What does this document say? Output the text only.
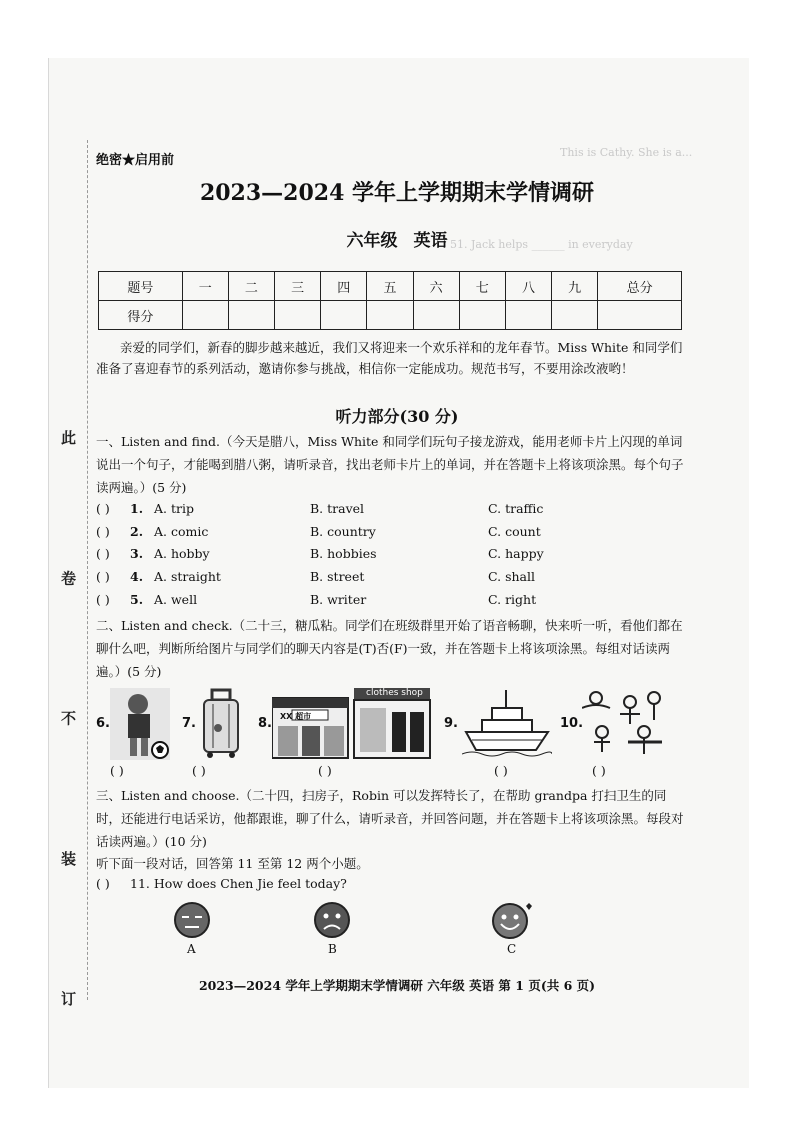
This is Cathy. She is a...
51. Jack helps ______ in everyday
此 卷 不 装 订
绝密★启用前
2023—2024 学年上学期期末学情调研
六年级 英语
题号	一	二	三	四	五	六	七	八	九	总分
得分										
亲爱的同学们，新春的脚步越来越近，我们又将迎来一个欢乐祥和的龙年春节。Miss White 和同学们准备了喜迎春节的系列活动，邀请你参与挑战，相信你一定能成功。规范书写，不要用涂改液哟！
听力部分(30 分)
一、Listen and find.（今天是腊八，Miss White 和同学们玩句子接龙游戏，能用老师卡片上闪现的单词说出一个句子，才能喝到腊八粥，请听录音，找出老师卡片上的单词，并在答题卡上将该项涂黑。每个句子读两遍。）(5 分)
( ) 1. A. trip	B. travel	C. traffic
( ) 2. A. comic	B. country	C. count
( ) 3. A. hobby	B. hobbies	C. happy
( ) 4. A. straight	B. street	C. shall
( ) 5. A. well	B. writer	C. right
二、Listen and check.（二十三，糖瓜粘。同学们在班级群里开始了语音畅聊，快来听一听，看他们都在聊什么吧，判断所给图片与同学们的聊天内容是(T)否(F)一致，并在答题卡上将该项涂黑。每组对话读两遍。）(5 分)
6.
( )
7.
( )
8. XX 超市
clothes shop
( )
9.
( )
10.
( )
三、Listen and choose.（二十四，扫房子，Robin 可以发挥特长了，在帮助 grandpa 打扫卫生的同时，还能进行电话采访，他都跟谁，聊了什么，请听录音，并回答问题，并在答题卡上将该项涂黑。每段对话读两遍。）(10 分)
听下面一段对话，回答第 11 至第 12 两个小题。
( ) 11. How does Chen Jie feel today?
A	B	C
2023—2024 学年上学期期末学情调研 六年级 英语 第 1 页(共 6 页)
